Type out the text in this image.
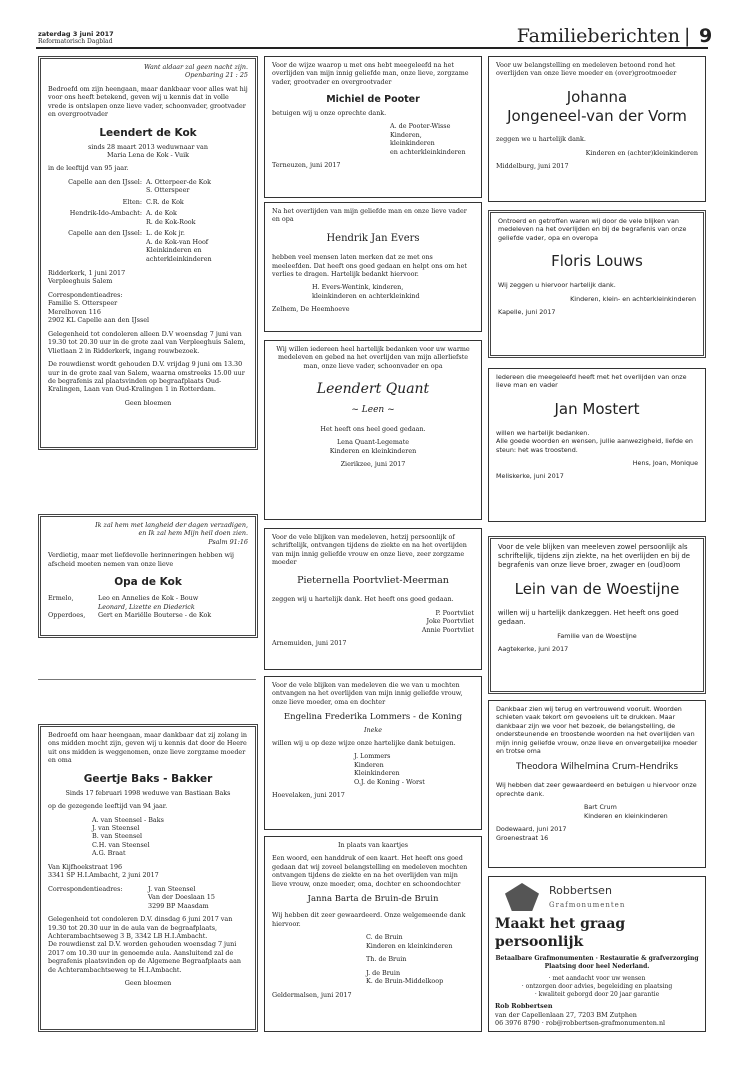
zaterdag 3 juni 2017
Reformatorisch Dagblad	Familieberichten | 9

Want aldaar zal geen nacht zijn.
Openbaring 21 : 25

Bedroefd om zijn heengaan, maar dankbaar voor alles wat hij voor ons heeft betekend, geven wij u kennis dat in volle vrede is ontslapen onze lieve vader, schoonvader, grootvader en overgrootvader

Leendert de Kok

sinds 28 maart 2013 weduwnaar van
Maria Lena de Kok - Vuik

in de leeftijd van 95 jaar.

Capelle aan den IJssel: A. Otterpeer-de Kok
S. Otterspeer
Elten: C.R. de Kok
Hendrik-Ido-Ambacht: A. de Kok
R. de Kok-Rook
Capelle aan den IJssel: L. de Kok jr.
A. de Kok-van Hoof
Kleinkinderen en
achterkleinkinderen

Ridderkerk, 1 juni 2017
Verpleeghuis Salem

Correspondentieadres:
Familie S. Otterspeer
Merelhoven 116
2902 KL Capelle aan den IJssel

Gelegenheid tot condoleren alleen D.V woensdag 7 juni van 19.30 tot 20.30 uur in de grote zaal van Verpleeghuis Salem, Vlietlaan 2 in Ridderkerk, ingang rouwbezoek.

De rouwdienst wordt gehouden D.V. vrijdag 9 juni om 13.30 uur in de grote zaal van Salem, waarna omstreeks 15.00 uur de begrafenis zal plaatsvinden op begraafplaats Oud-Kralingen, Laan van Oud-Kralingen 1 in Rotterdam.

Geen bloemen

Ik zal hem met langheid der dagen verzadigen,
en Ik zal hem Mijn heil doen zien.
Psalm 91:16

Verdietig, maar met liefdevolle herinneringen hebben wij afscheid moeten nemen van onze lieve

Opa de Kok
Ermelo,	Leo en Annelies de Kok - Bouw
Leonard, Lizette en Diederick
Opperdoes,	Gert en Mariëlle Bouterse - de Kok

Bedroefd om haar heengaan, maar dankbaar dat zij zolang in ons midden mocht zijn, geven wij u kennis dat door de Heere uit ons midden is weggenomen, onze lieve zorgzame moeder en oma

Geertje Baks - Bakker

Sinds 17 februari 1998 weduwe van Bastiaan Baks

op de gezegende leeftijd van 94 jaar.

A. van Steensel - Baks
J. van Steensel
B. van Steensel
C.H. van Steensel
A.G. Braat

Van Kijfhoekstraat 196
3341 SP H.I.Ambacht, 2 juni 2017

Correspondentieadres:	J. van Steensel
Van der Doeslaan 15
3299 BP Maasdam

Gelegenheid tot condoleren D.V. dinsdag 6 juni 2017 van 19.30 tot 20.30 uur in de aula van de begraafplaats, Achterambachtseweg 3 B, 3342 LB H.I.Ambacht.
De rouwdienst zal D.V. worden gehouden woensdag 7 juni 2017 om 10.30 uur in genoemde aula. Aansluitend zal de begrafenis plaatsvinden op de Algemene Begraafplaats aan de Achterambachtseweg te H.I.Ambacht.

Geen bloemen

Voor de wijze waarop u met ons hebt meegeleefd na het overlijden van mijn innig geliefde man, onze lieve, zorgzame vader, grootvader en overgrootvader

Michiel de Pooter

betuigen wij u onze oprechte dank.

A. de Pooter-Wisse
Kinderen,
kleinkinderen
en achterkleinkinderen

Terneuzen, juni 2017

Na het overlijden van mijn geliefde man en onze lieve vader en opa

Hendrik Jan Evers

hebben veel mensen laten merken dat ze met ons meeleefden. Dat heeft ons goed gedaan en helpt ons om het verlies te dragen. Hartelijk bedankt hiervoor.

H. Evers-Wentink, kinderen,
kleinkinderen en achterkleinkind

Zelhem, De Heemhoeve

Wij willen iedereen heel hartelijk bedanken voor uw warme medeleven en gebed na het overlijden van mijn allerliefste man, onze lieve vader, schoonvader en opa

Leendert Quant
~ Leen ~

Het heeft ons heel goed gedaan.

Lena Quant-Legemate
Kinderen en kleinkinderen

Zierikzee, juni 2017

Voor de vele blijken van medeleven, hetzij persoonlijk of schriftelijk, ontvangen tijdens de ziekte en na het overlijden van mijn innig geliefde vrouw en onze lieve, zeer zorgzame moeder

Pieternella Poortvliet-Meerman

zeggen wij u hartelijk dank. Het heeft ons goed gedaan.

P. Poortvliet
Joke Poortvliet
Annie Poortvliet

Arnemuiden, juni 2017

Voor de vele blijken van medeleven die we van u mochten ontvangen na het overlijden van mijn innig geliefde vrouw, onze lieve moeder, oma en dochter

Engelina Frederika Lommers - de Koning

Ineke

willen wij u op deze wijze onze hartelijke dank betuigen.

J. Lommers
Kinderen
Kleinkinderen
O.J. de Koning - Worst

Hoevelaken, juni 2017

In plaats van kaartjes

Een woord, een handdruk of een kaart. Het heeft ons goed gedaan dat wij zoveel belangstelling en medeleven mochten ontvangen tijdens de ziekte en na het overlijden van mijn lieve vrouw, onze moeder, oma, dochter en schoondochter

Janna Barta de Bruin-de Bruin

Wij hebben dit zeer gewaardeerd. Onze welgemeende dank hiervoor.

C. de Bruin
Kinderen en kleinkinderen

Th. de Bruin

J. de Bruin
K. de Bruin-Middelkoop

Geldermalsen, juni 2017

Voor uw belangstelling en medeleven betoond rond het overlijden van onze lieve moeder en (over)grootmoeder

Johanna
Jongeneel-van der Vorm

zeggen we u hartelijk dank.

Kinderen en (achter)kleinkinderen

Middelburg, juni 2017

Ontroerd en getroffen waren wij door de vele blijken van medeleven na het overlijden en bij de begrafenis van onze geliefde vader, opa en overopa

Floris Louws

Wij zeggen u hiervoor hartelijk dank.

Kinderen, klein- en achterkleinkinderen

Kapelle, juni 2017

Iedereen die meegeleefd heeft met het overlijden van onze lieve man en vader

Jan Mostert

willen we hartelijk bedanken.
Alle goede woorden en wensen, jullie aanwezigheid, liefde en steun: het was troostend.

Hens, Joan, Monique

Meliskerke, juni 2017

Voor de vele blijken van meeleven zowel persoonlijk als schriftelijk, tijdens zijn ziekte, na het overlijden en bij de begrafenis van onze lieve broer, zwager en (oud)oom

Lein van de Woestijne

willen wij u hartelijk dankzeggen. Het heeft ons goed gedaan.

Familie van de Woestijne

Aagtekerke, juni 2017

Dankbaar zien wij terug en vertrouwend vooruit. Woorden schieten vaak tekort om gevoelens uit te drukken. Maar dankbaar zijn we voor het bezoek, de belangstelling, de ondersteunende en troostende woorden na het overlijden van mijn innig geliefde vrouw, onze lieve en onvergetelijke moeder en trotse oma

Theodora Wilhelmina Crum-Hendriks

Wij hebben dat zeer gewaardeerd en betuigen u hiervoor onze oprechte dank.

Bart Crum
Kinderen en kleinkinderen

Dodewaard, juni 2017
Groenestraat 16

Robbertsen
Grafmonumenten
Maakt het graag persoonlijk

Betaalbare Grafmonumenten · Restauratie & grafverzorging
Plaatsing door heel Nederland.

· met aandacht voor uw wensen
· ontzorgen door advies, begeleiding en plaatsing
· kwaliteit geborgd door 20 jaar garantie

Rob Robbertsen
van der Capellenlaan 27, 7203 BM Zutphen
06 3976 8790 · rob@robbertsen-grafmonumenten.nl
